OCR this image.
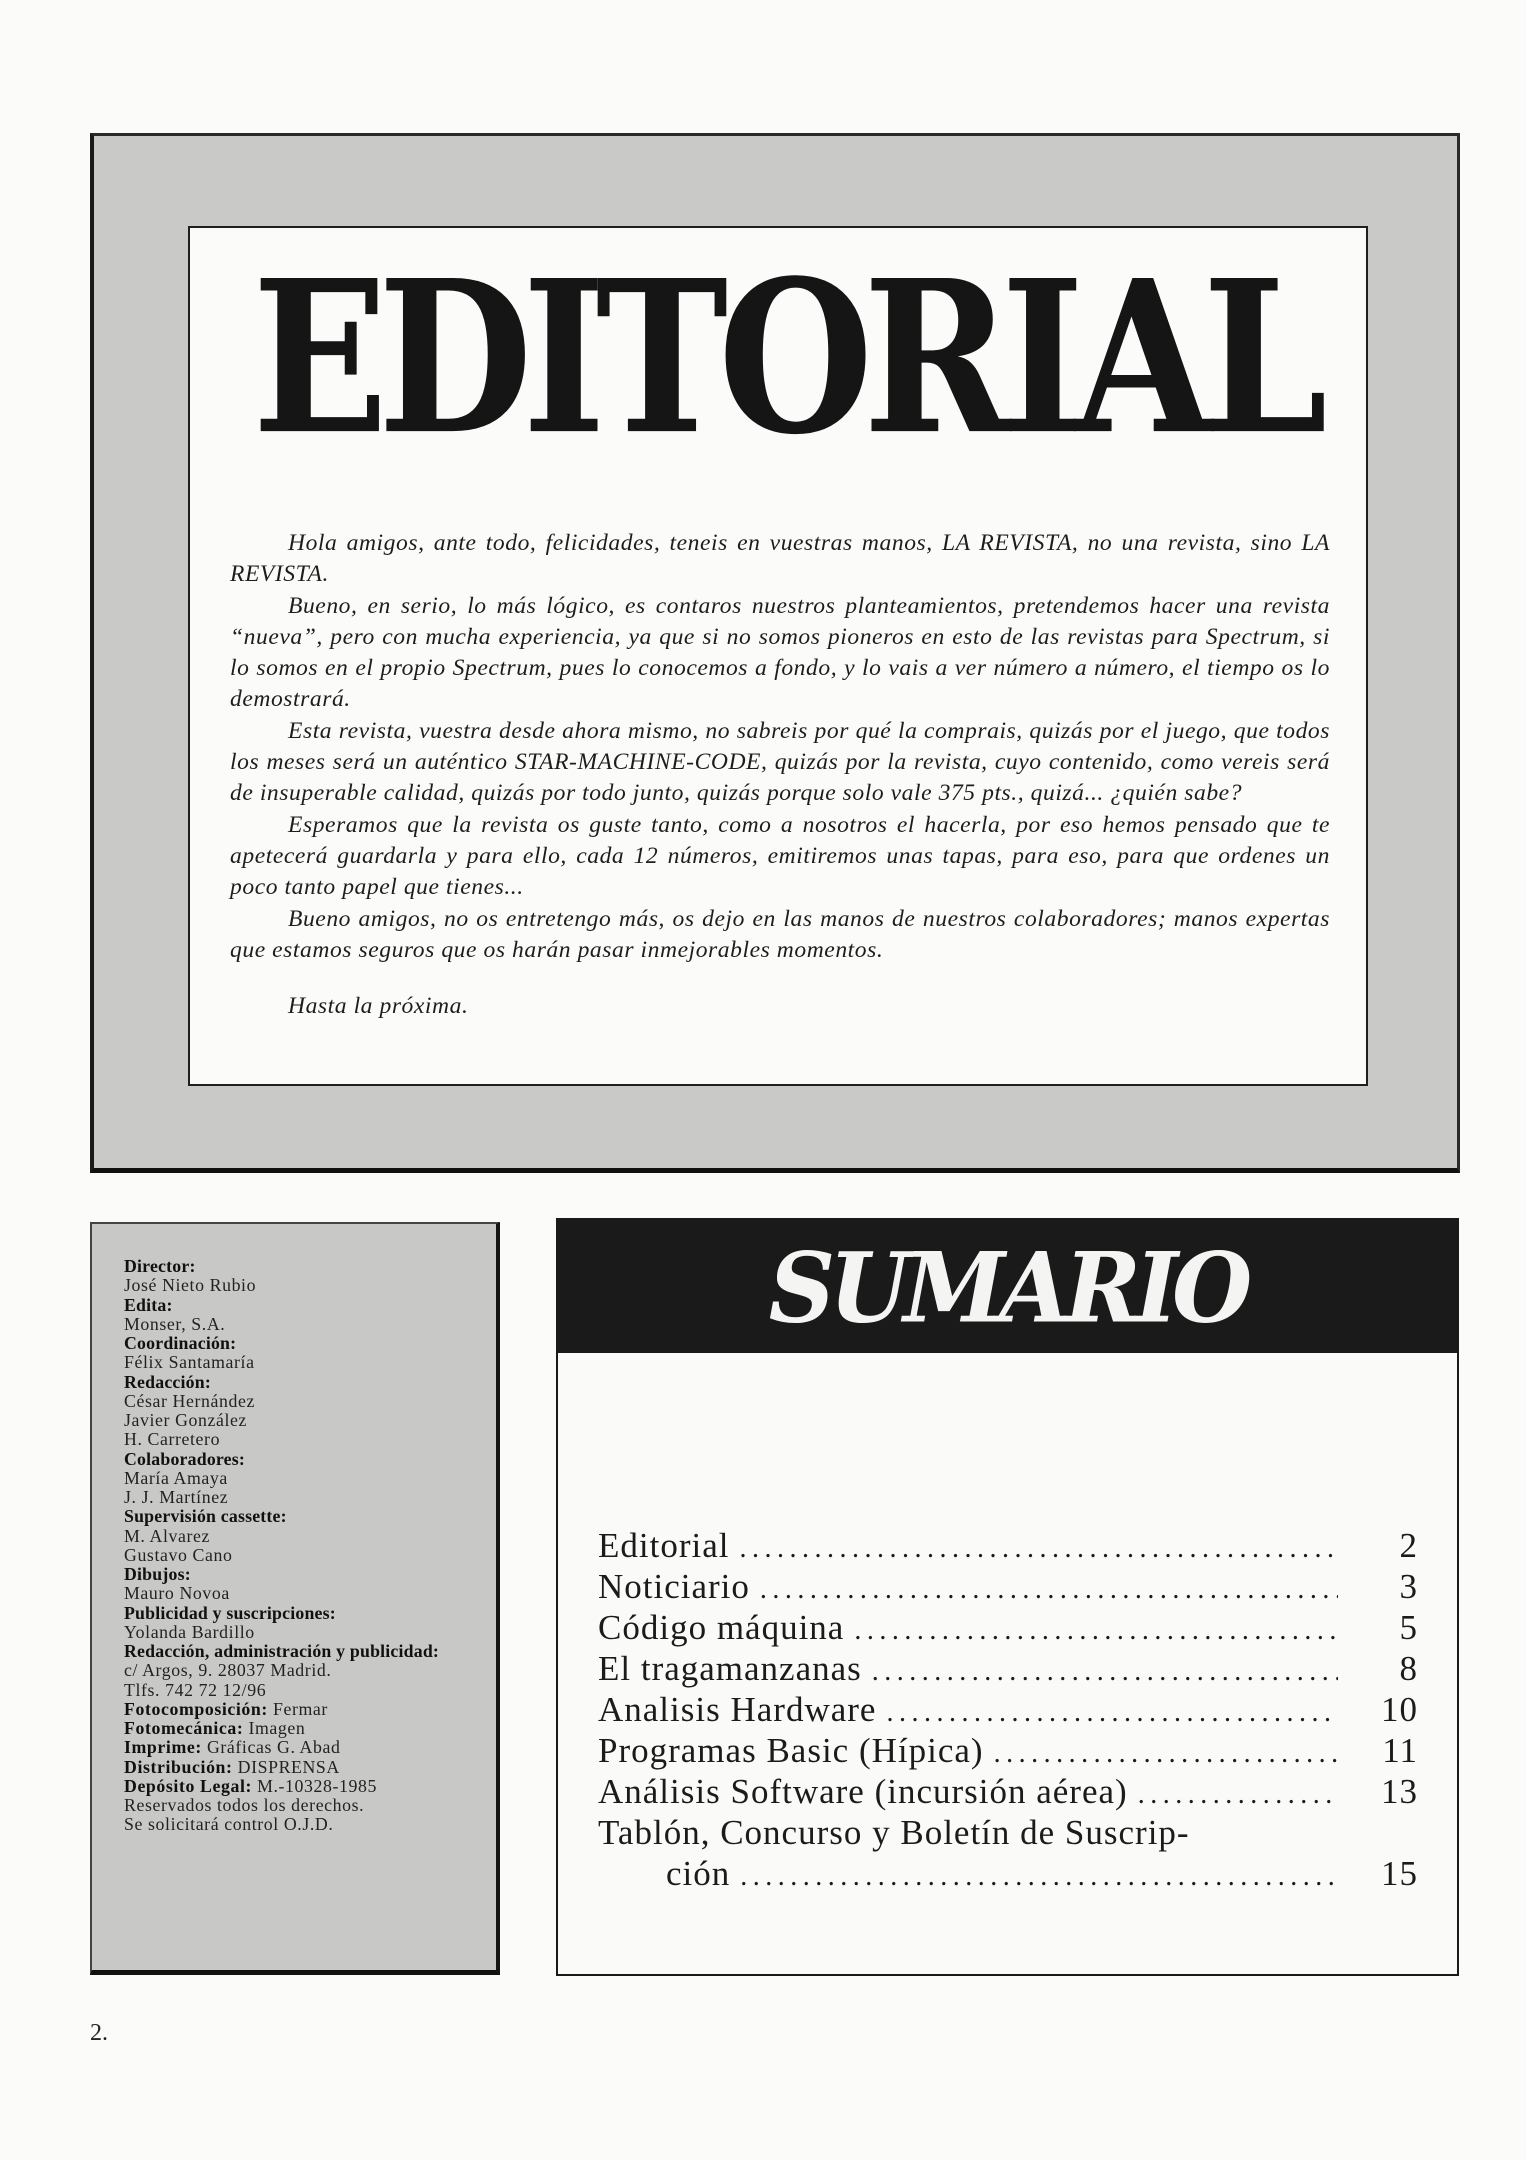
EDITORIAL

Hola amigos, ante todo, felicidades, teneis en vuestras manos, LA REVISTA, no una revista, sino LA REVISTA.

Bueno, en serio, lo más lógico, es contaros nuestros planteamientos, pretendemos hacer una revista “nueva”, pero con mucha experiencia, ya que si no somos pioneros en esto de las revistas para Spectrum, si lo somos en el propio Spectrum, pues lo conocemos a fondo, y lo vais a ver número a número, el tiempo os lo demostrará.

Esta revista, vuestra desde ahora mismo, no sabreis por qué la comprais, quizás por el juego, que todos los meses será un auténtico STAR-MACHINE-CODE, quizás por la revista, cuyo contenido, como vereis será de insuperable calidad, quizás por todo junto, quizás porque solo vale 375 pts., quizá... ¿quién sabe?

Esperamos que la revista os guste tanto, como a nosotros el hacerla, por eso hemos pensado que te apetecerá guardarla y para ello, cada 12 números, emitiremos unas tapas, para eso, para que ordenes un poco tanto papel que tienes...

Bueno amigos, no os entretengo más, os dejo en las manos de nuestros colaboradores; manos expertas que estamos seguros que os harán pasar inmejorables momentos.

Hasta la próxima.

Director:
José Nieto Rubio
Edita:
Monser, S.A.
Coordinación:
Félix Santamaría
Redacción:
César Hernández
Javier González
H. Carretero
Colaboradores:
María Amaya
J. J. Martínez
Supervisión cassette:
M. Alvarez
Gustavo Cano
Dibujos:
Mauro Novoa
Publicidad y suscripciones:
Yolanda Bardillo
Redacción, administración y publicidad:
c/ Argos, 9. 28037 Madrid.
Tlfs. 742 72 12/96
Fotocomposición: Fermar
Fotomecánica: Imagen
Imprime: Gráficas G. Abad
Distribución: DISPRENSA
Depósito Legal: M.-10328-1985
Reservados todos los derechos.
Se solicitará control O.J.D.
SUMARIO
Editorial .....	2
Noticiario .....	3
Código máquina .....	5
El tragamanzanas .....	8
Analisis Hardware .....	10
Programas Basic (Hípica) .....	11
Análisis Software (incursión aérea) .....	13
Tablón, Concurso y Boletín de Suscrip-
ción .....	15
2.
